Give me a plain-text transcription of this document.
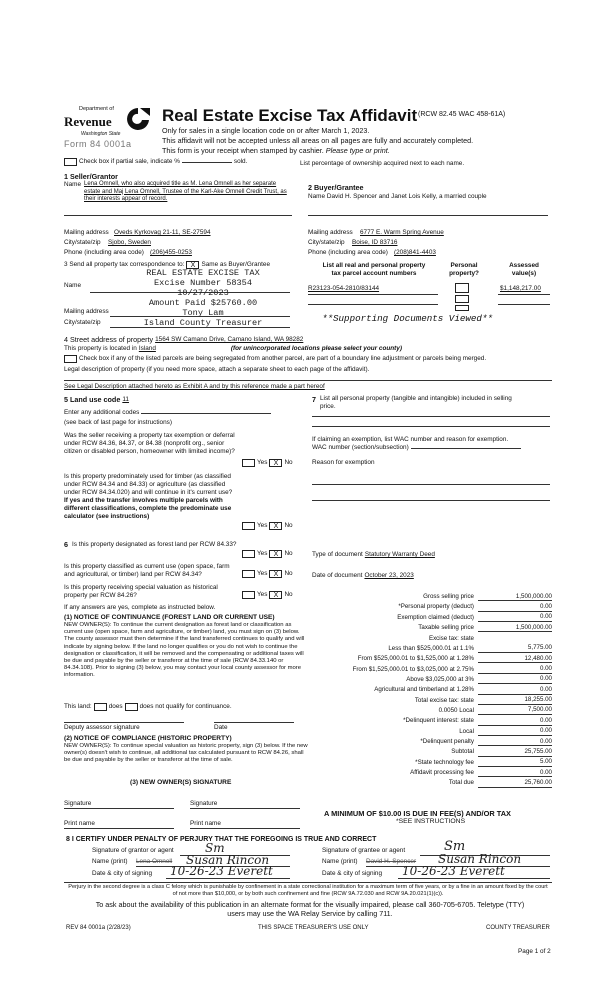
Department of
Revenue
Washington State
Form 84 0001a
Real Estate Excise Tax Affidavit (RCW 82.45 WAC 458-61A)
Only for sales in a single location code on or after March 1, 2023.
This affidavit will not be accepted unless all areas on all pages are fully and accurately completed.
This form is your receipt when stamped by cashier. Please type or print.
Check box if partial sale, indicate %	sold.	List percentage of ownership acquired next to each name.
1 Seller/Grantor
Name Lena Omnell, who also acquired title as M. Lena Omnell as her separate estate and Maj Lena Omnell, Trustee of the Karl-Ake Omnell Credit Trust, as their interests appear of record.
Mailing address Oveds Kyrkovag 21-11, SE-27594
City/state/zip Sjobo, Sweden
Phone (including area code) (206)455-0253
2 Buyer/Grantee
Name David H. Spencer and Janet Lois Kelly, a married couple
Mailing address 6777 E. Warm Spring Avenue
City/state/zip Boise, ID 83716
Phone (including area code) (208)841-4403
3 Send all property tax correspondence to: X Same as Buyer/Grantee
Name
Mailing address
City/state/zip
REAL ESTATE EXCISE TAX
Excise Number 58354
10/27/2023
Amount Paid $25760.00
Tony Lam
Island County Treasurer	**Supporting Documents Viewed**
List all real and personal property
tax parcel account numbers
Personal
property?
Assessed
value(s)
R23123-054-2810/83144	$1,148,217.00
4 Street address of property 1564 SW Camano Drive, Camano Island, WA 98282
This property is located in Island	(for unincorporated locations please select your county)
Check box if any of the listed parcels are being segregated from another parcel, are part of a boundary line adjustment or parcels being merged.
Legal description of property (if you need more space, attach a separate sheet to each page of the affidavit).
See Legal Description attached hereto as Exhibit A and by this reference made a part hereof
5 Land use code 11
Enter any additional codes
(see back of last page for instructions)
Was the seller receiving a property tax exemption or deferral under RCW 84.36, 84.37, or 84.38 (nonprofit org., senior citizen or disabled person, homeowner with limited income)?
Yes X No
Is this property predominately used for timber (as classified under RCW 84.34 and 84.33) or agriculture (as classified under RCW 84.34.020) and will continue in it's current use?
If yes and the transfer involves multiple parcels with different classifications, complete the predominate use calculator (see instructions)
Yes X No
6 Is this property designated as forest land per RCW 84.33?
Yes X No
Is this property classified as current use (open space, farm and agricultural, or timber) land per RCW 84.34?	Yes X No
Is this property receiving special valuation as historical property per RCW 84.26?	Yes X No
If any answers are yes, complete as instructed below.
(1) NOTICE OF CONTINUANCE (FOREST LAND OR CURRENT USE)
NEW OWNER(S): To continue the current designation as forest land or classification as current use (open space, farm and agriculture, or timber) land, you must sign on (3) below. The county assessor must then determine if the land transferred continues to qualify and will indicate by signing below. If the land no longer qualifies or you do not wish to continue the designation or classification, it will be removed and the compensating or additional taxes will be due and payable by the seller or transferor at the time of sale (RCW 84.33.140 or 84.34.108). Prior to signing (3) below, you may contact your local county assessor for more information.
This land:	does	does not qualify for continuance.
Deputy assessor signature	Date
(2) NOTICE OF COMPLIANCE (HISTORIC PROPERTY)
NEW OWNER(S): To continue special valuation as historic property, sign (3) below. If the new owner(s) doesn't wish to continue, all additional tax calculated pursuant to RCW 84.26, shall be due and payable by the seller or transferor at the time of sale.
(3) NEW OWNER(S) SIGNATURE
Signature	Signature
Print name	Print name
7 List all personal property (tangible and intangible) included in selling price.
If claiming an exemption, list WAC number and reason for exemption.
WAC number (section/subsection)
Reason for exemption
Type of document Statutory Warranty Deed
Date of document October 23, 2023
Gross selling price	1,500,000.00
*Personal property (deduct)	0.00
Exemption claimed (deduct)	0.00
Taxable selling price	1,500,000.00
Excise tax: state
Less than $525,000.01 at 1.1%	5,775.00
From $525,000.01 to $1,525,000 at 1.28%	12,480.00
From $1,525,000.01 to $3,025,000 at 2.75%	0.00
Above $3,025,000 at 3%	0.00
Agricultural and timberland at 1.28%	0.00
Total excise tax: state	18,255.00
0.0050 Local	7,500.00
*Delinquent interest: state	0.00
Local	0.00
*Delinquent penalty	0.00
Subtotal	25,755.00
*State technology fee	5.00
Affidavit processing fee	0.00
Total due	25,760.00
A MINIMUM OF $10.00 IS DUE IN FEE(S) AND/OR TAX
*SEE INSTRUCTIONS
8 I CERTIFY UNDER PENALTY OF PERJURY THAT THE FOREGOING IS TRUE AND CORRECT
Signature of grantor or agent	Sm
Name (print) Lena Omnell Susan Rincon
Date & city of signing 10-26-23 Everett
Signature of grantee or agent	Sm
Name (print) David H. Spencer Susan Rincon
Date & city of signing 10-26-23 Everett
Perjury in the second degree is a class C felony which is punishable by confinement in a state correctional institution for a maximum term of five years, or by a fine in an amount fixed by the court of not more than $10,000, or by both such confinement and fine (RCW 9A.72.030 and RCW 9A.20.021(1)(c)).
To ask about the availability of this publication in an alternate format for the visually impaired, please call 360-705-6705. Teletype (TTY) users may use the WA Relay Service by calling 711.
REV 84 0001a (2/28/23)	THIS SPACE TREASURER'S USE ONLY	COUNTY TREASURER
Page 1 of 2
